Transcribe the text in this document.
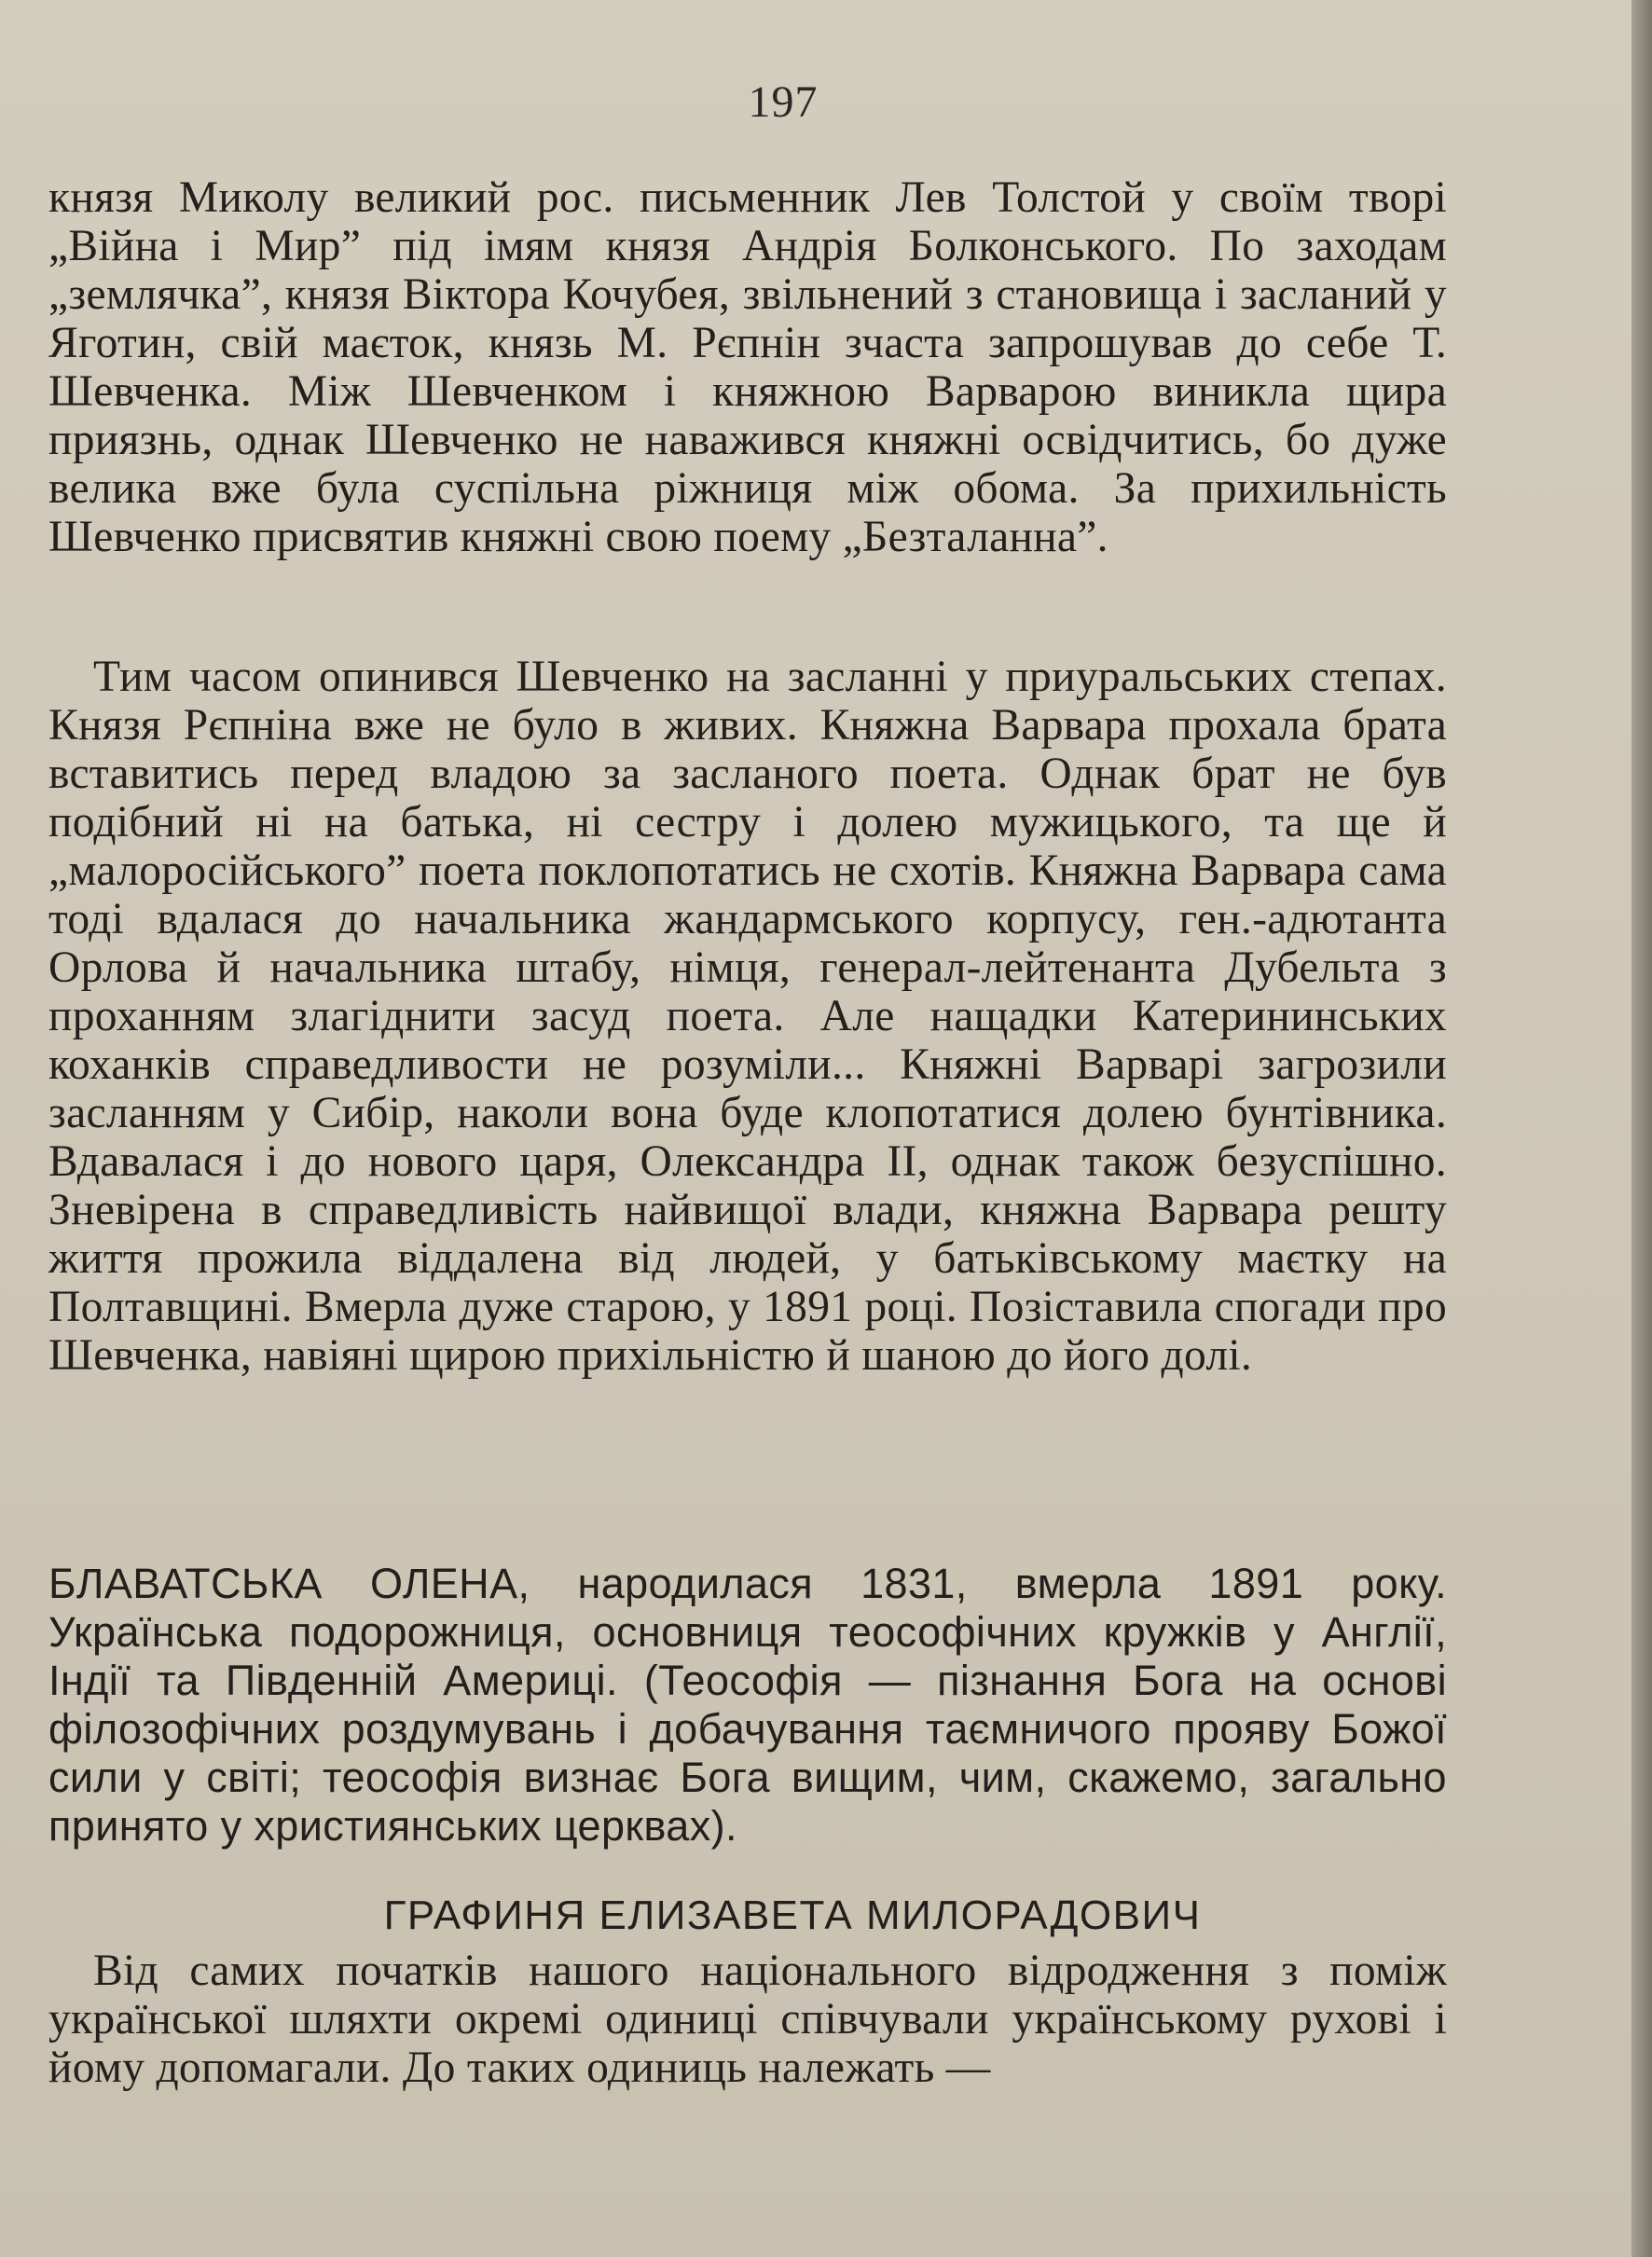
197

князя Миколу великий рос. письменник Лев Толстой у своїм творі „Війна і Мир” під імям князя Андрія Болконського. По заходам „землячка”, князя Віктора Кочубея, звільнений з становища і засланий у Яготин, свій маєток, князь М. Рєпнін зчаста запрошував до себе Т. Шевченка. Між Шевченком і княжною Варварою виникла щира приязнь, однак Шевченко не наважився княжні освідчитись, бо дуже велика вже була суспільна ріжниця між обома. За прихильність Шевченко присвятив княжні свою поему „Безталанна”.

Тим часом опинився Шевченко на засланні у приуральських степах. Князя Рєпніна вже не було в живих. Княжна Варвара прохала брата вставитись перед владою за засланого поета. Однак брат не був подібний ні на батька, ні сестру і долею мужицького, та ще й „малоросійського” поета поклопотатись не схотів. Княжна Варвара сама тоді вдалася до начальника жандармського корпусу, ген.-адютанта Орлова й начальника штабу, німця, генерал-лейтенанта Дубельта з проханням злагіднити засуд поета. Але нащадки Катерининських коханків справедливости не розуміли... Княжні Варварі загрозили засланням у Сибір, наколи вона буде клопотатися долею бунтівника. Вдавалася і до нового царя, Олександра II, однак також безуспішно. Зневірена в справедливість найвищої влади, княжна Варвара решту життя прожила віддалена від людей, у батьківському маєтку на Полтавщині. Вмерла дуже старою, у 1891 році. Позіставила спогади про Шевченка, навіяні щирою прихільністю й шаною до його долі.

БЛАВАТСЬКА ОЛЕНА, народилася 1831, вмерла 1891 року. Українська подорожниця, основниця теософічних кружків у Англії, Індії та Південній Америці. (Теософія — пізнання Бога на основі філозофічних роздумувань і добачування таємничого прояву Божої сили у світі; теософія визнає Бога вищим, чим, скажемо, загально принято у християнських церквах).

ГРАФИНЯ ЕЛИЗАВЕТА МИЛОРАДОВИЧ

Від самих початків нашого національного відродження з поміж української шляхти окремі одиниці співчували українському рухові і йому допомагали. До таких одиниць належать —
